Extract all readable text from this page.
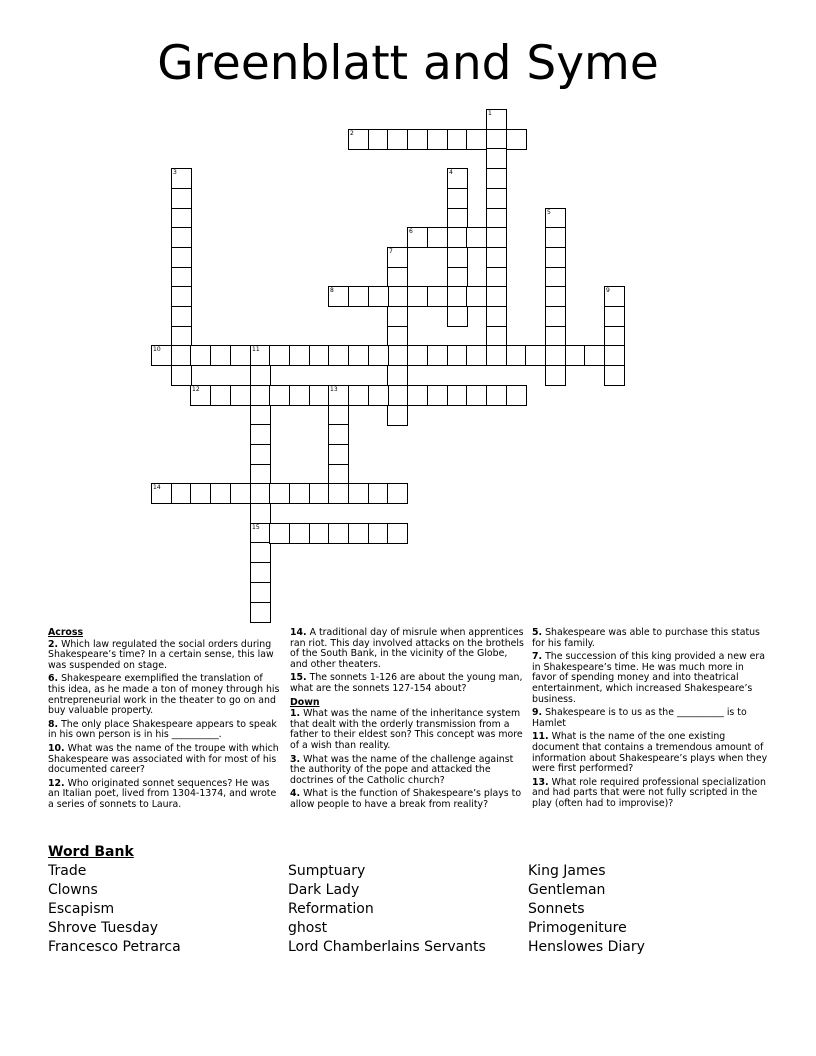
Greenblatt and Syme
1
2
3	4
5
6
7
8	9
10	11
15
12	13
14
Across
2. Which law regulated the social orders during Shakespeare’s time? In a certain sense, this law was suspended on stage.
6. Shakespeare exemplified the translation of this idea, as he made a ton of money through his entrepreneurial work in the theater to go on and buy valuable property.
8. The only place Shakespeare appears to speak in his own person is in his __________.
10. What was the name of the troupe with which Shakespeare was associated with for most of his documented career?
12. Who originated sonnet sequences? He was an Italian poet, lived from 1304-1374, and wrote a series of sonnets to Laura.
14. A traditional day of misrule when apprentices ran riot. This day involved attacks on the brothels of the South Bank, in the vicinity of the Globe, and other theaters.
15. The sonnets 1-126 are about the young man, what are the sonnets 127-154 about?
Down
1. What was the name of the inheritance system that dealt with the orderly transmission from a father to their eldest son? This concept was more of a wish than reality.
3. What was the name of the challenge against the authority of the pope and attacked the doctrines of the Catholic church?
4. What is the function of Shakespeare’s plays to allow people to have a break from reality?
5. Shakespeare was able to purchase this status for his family.
7. The succession of this king provided a new era in Shakespeare’s time. He was much more in favor of spending money and into theatrical entertainment, which increased Shakespeare’s business.
9. Shakespeare is to us as the __________ is to Hamlet
11. What is the name of the one existing document that contains a tremendous amount of information about Shakespeare’s plays when they were first performed?
13. What role required professional specialization and had parts that were not fully scripted in the play (often had to improvise)?
Word Bank
Trade
Clowns
Escapism
Shrove Tuesday
Francesco Petrarca
Sumptuary
Dark Lady
Reformation
ghost
Lord Chamberlains Servants
King James
Gentleman
Sonnets
Primogeniture
Henslowes Diary
